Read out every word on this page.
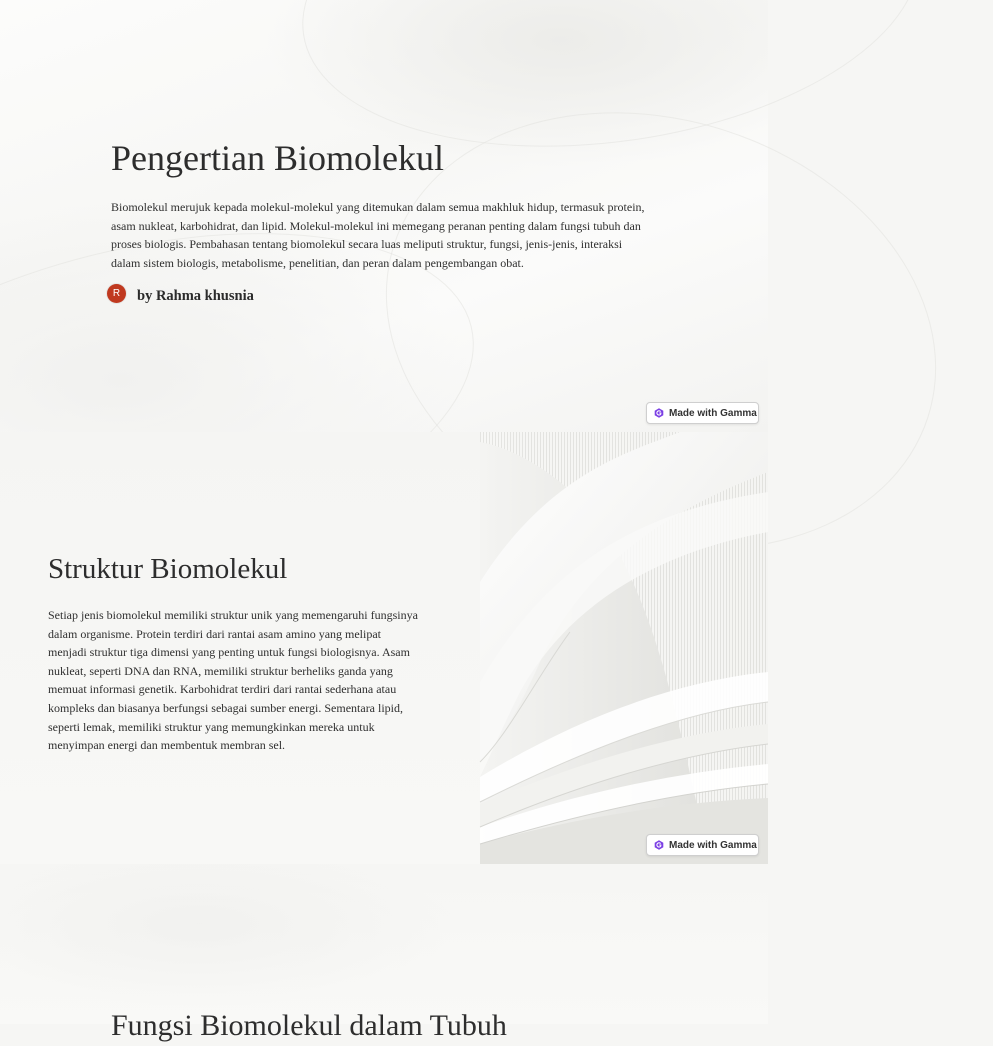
Pengertian Biomolekul

Biomolekul merujuk kepada molekul-molekul yang ditemukan dalam semua makhluk hidup, termasuk protein, asam nukleat, karbohidrat, dan lipid. Molekul-molekul ini memegang peranan penting dalam fungsi tubuh dan proses biologis. Pembahasan tentang biomolekul secara luas meliputi struktur, fungsi, jenis-jenis, interaksi dalam sistem biologis, metabolisme, penelitian, dan peran dalam pengembangan obat.

R	by Rahma khusnia
Made with Gamma
Struktur Biomolekul

Setiap jenis biomolekul memiliki struktur unik yang memengaruhi fungsinya dalam organisme. Protein terdiri dari rantai asam amino yang melipat menjadi struktur tiga dimensi yang penting untuk fungsi biologisnya. Asam nukleat, seperti DNA dan RNA, memiliki struktur berheliks ganda yang memuat informasi genetik. Karbohidrat terdiri dari rantai sederhana atau kompleks dan biasanya berfungsi sebagai sumber energi. Sementara lipid, seperti lemak, memiliki struktur yang memungkinkan mereka untuk menyimpan energi dan membentuk membran sel.

Made with Gamma
Fungsi Biomolekul dalam Tubuh
